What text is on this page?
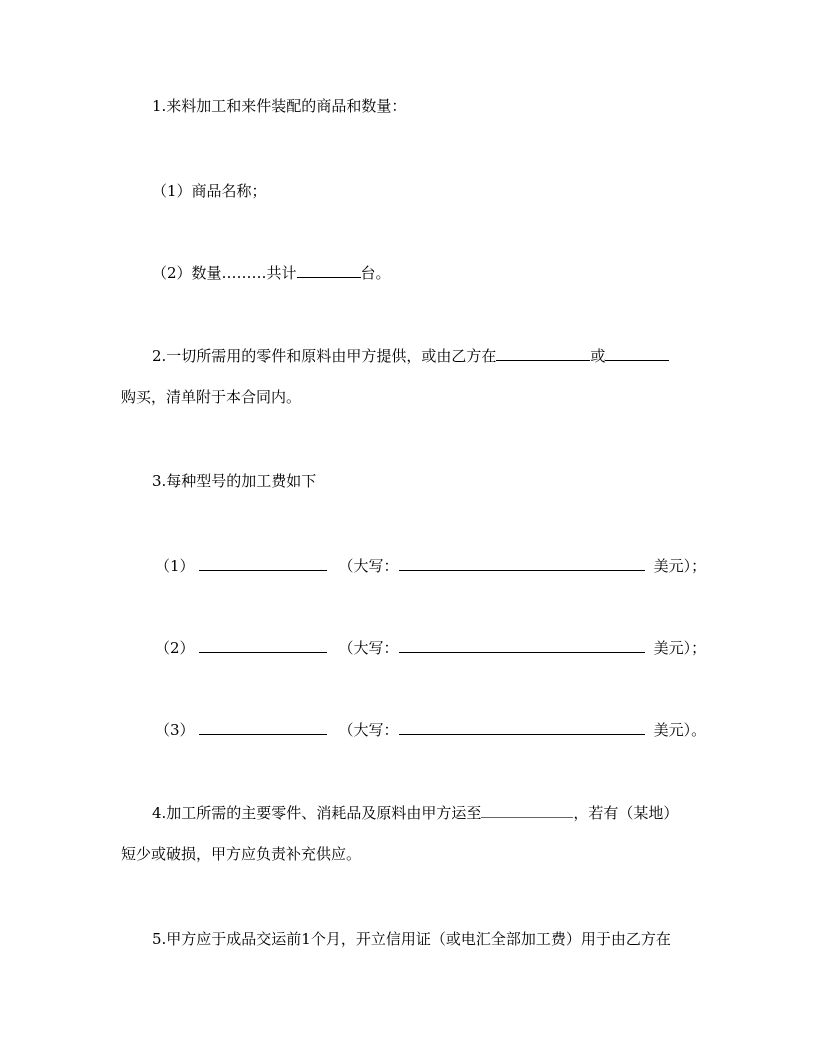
1.来料加工和来件装配的商品和数量：
（1）商品名称；
（2）数量………共计	台。
2.一切所需用的零件和原料由甲方提供，或由乙方在	或
购买，清单附于本合同内。
3.每种型号的加工费如下
（1）	（大写：	美元）；
（2）	（大写：	美元）；
（3）	（大写：	美元）。
4.加工所需的主要零件、消耗品及原料由甲方运至	，若有（某地）
短少或破损，甲方应负责补充供应。
5.甲方应于成品交运前1个月，开立信用证（或电汇全部加工费）用于由乙方在
